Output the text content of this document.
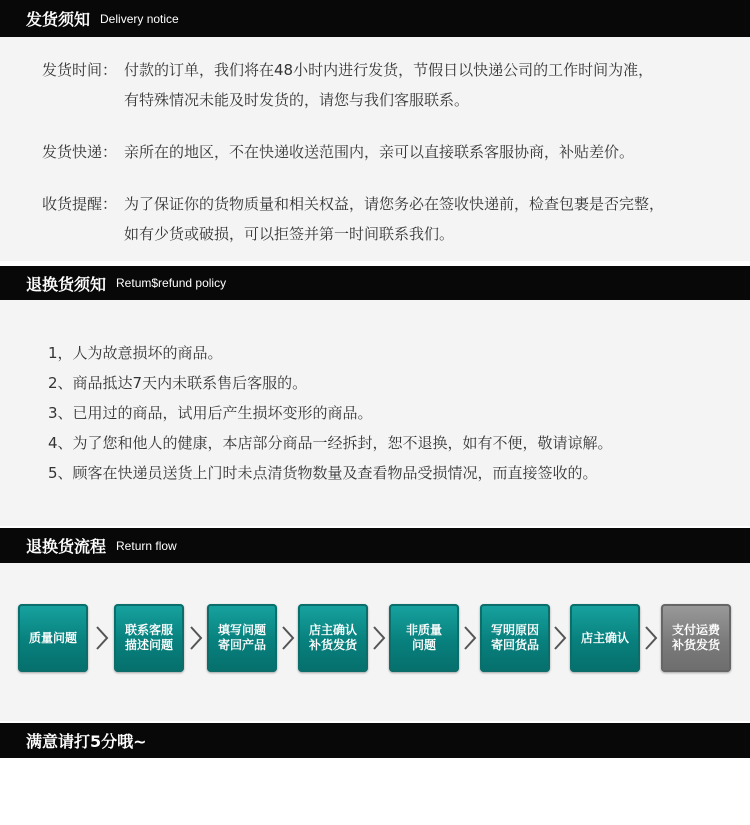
发货须知 Delivery notice
发货时间： 付款的订单，我们将在48小时内进行发货，节假日以快递公司的工作时间为准，
有特殊情况未能及时发货的，请您与我们客服联系。
发货快递： 亲所在的地区，不在快递收送范围内，亲可以直接联系客服协商，补贴差价。
收货提醒： 为了保证你的货物质量和相关权益，请您务必在签收快递前，检查包裹是否完整，
如有少货或破损，可以拒签并第一时间联系我们。
退换货须知 Retum$refund policy
1，人为故意损坏的商品。
2、商品抵达7天内未联系售后客服的。
3、已用过的商品，试用后产生损坏变形的商品。
4、为了您和他人的健康，本店部分商品一经拆封，恕不退换，如有不便，敬请谅解。
5、顾客在快递员送货上门时未点清货物数量及查看物品受损情况，而直接签收的。
退换货流程 Return flow
质量问题
联系客服
描述问题
填写问题
寄回产品
店主确认
补货发货
非质量
问题
写明原因
寄回货品
店主确认
支付运费
补货发货
满意请打5分哦~
